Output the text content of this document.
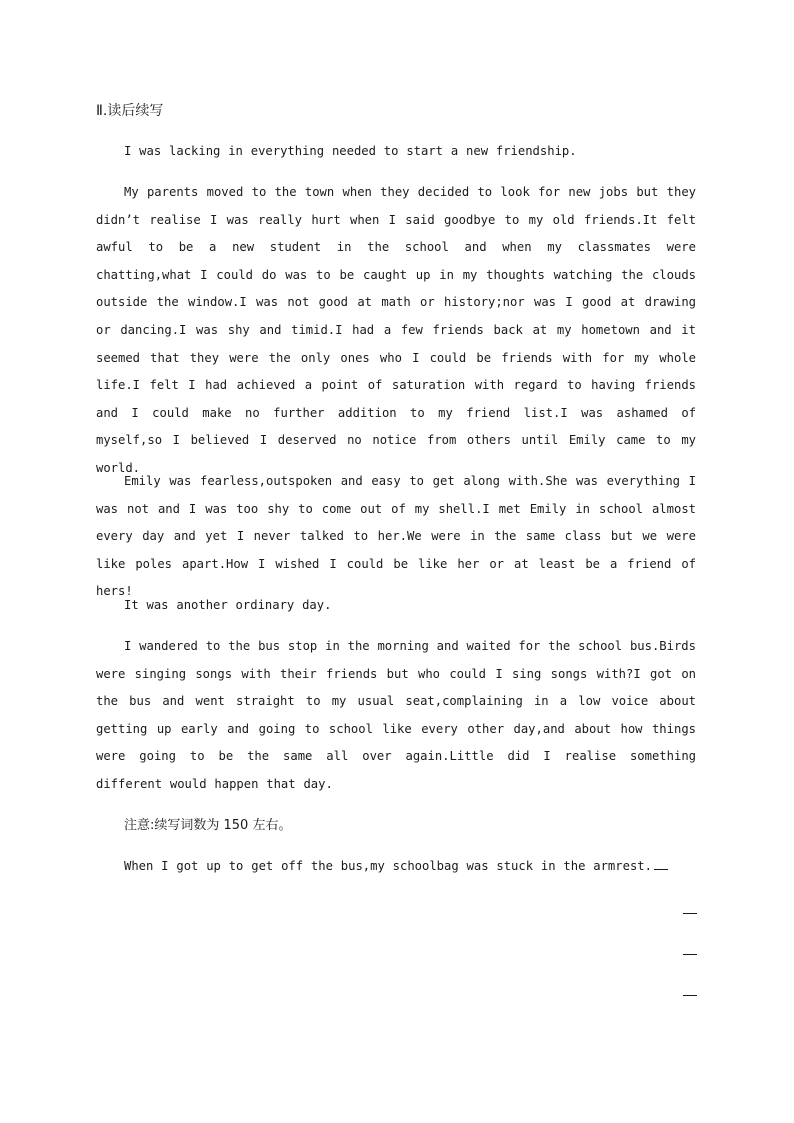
Ⅱ.读后续写

I was lacking in everything needed to start a new friendship.

My parents moved to the town when they decided to look for new jobs but they didn’t realise I was really hurt when I said goodbye to my old friends.It felt awful to be a new student in the school and when my classmates were chatting,what I could do was to be caught up in my thoughts watching the clouds outside the window.I was not good at math or history;nor was I good at drawing or dancing.I was shy and timid.I had a few friends back at my hometown and it seemed that they were the only ones who I could be friends with for my whole life.I felt I had achieved a point of saturation with regard to having friends and I could make no further addition to my friend list.I was ashamed of myself,so I believed I deserved no notice from others until Emily came to my world.

Emily was fearless,outspoken and easy to get along with.She was everything I was not and I was too shy to come out of my shell.I met Emily in school almost every day and yet I never talked to her.We were in the same class but we were like poles apart.How I wished I could be like her or at least be a friend of hers!

It was another ordinary day.

I wandered to the bus stop in the morning and waited for the school bus.Birds were singing songs with their friends but who could I sing songs with?I got on the bus and went straight to my usual seat,complaining in a low voice about getting up early and going to school like every other day,and about how things were going to be the same all over again.Little did I realise something different would happen that day.

注意:续写词数为 150 左右。

When I got up to get off the bus,my schoolbag was stuck in the armrest.
